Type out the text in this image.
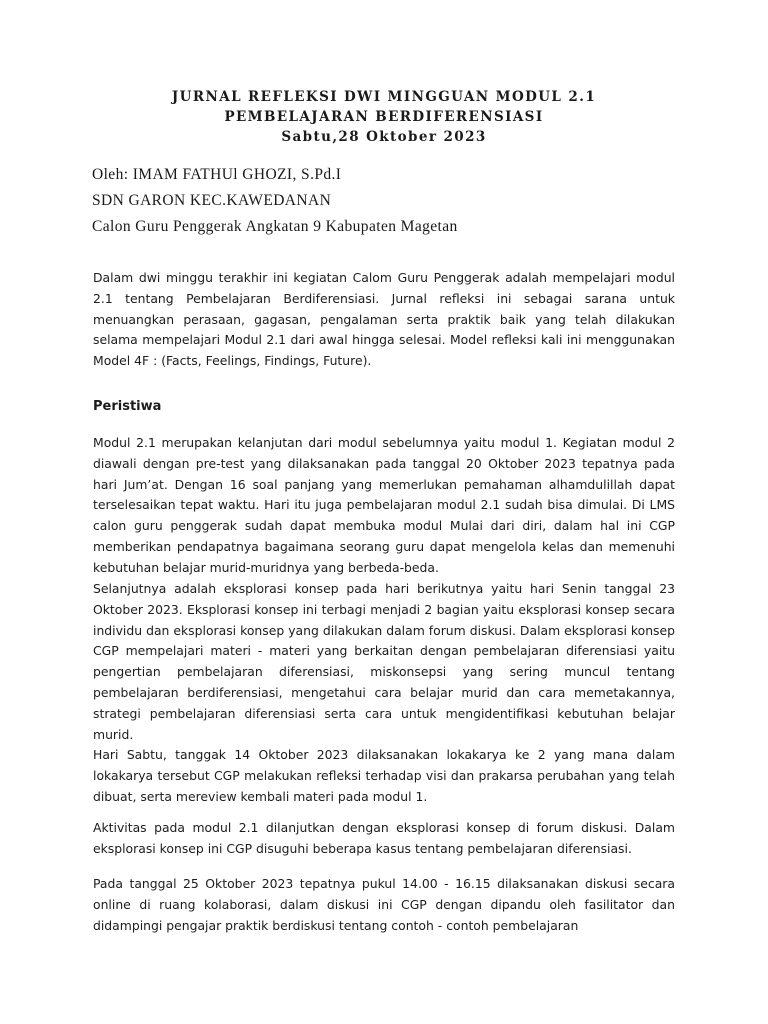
JURNAL REFLEKSI DWI MINGGUAN MODUL 2.1
PEMBELAJARAN BERDIFERENSIASI
Sabtu,28 Oktober 2023
Oleh: IMAM FATHUl GHOZI, S.Pd.I
SDN GARON KEC.KAWEDANAN
Calon Guru Penggerak Angkatan 9 Kabupaten Magetan
Dalam dwi minggu terakhir ini kegiatan Calom Guru Penggerak adalah mempelajari modul 2.1 tentang Pembelajaran Berdiferensiasi. Jurnal refleksi ini sebagai sarana untuk menuangkan perasaan, gagasan, pengalaman serta praktik baik yang telah dilakukan selama mempelajari Modul 2.1 dari awal hingga selesai. Model refleksi kali ini menggunakan Model 4F : (Facts, Feelings, Findings, Future).
Peristiwa
Modul 2.1 merupakan kelanjutan dari modul sebelumnya yaitu modul 1. Kegiatan modul 2 diawali dengan pre-test yang dilaksanakan pada tanggal 20 Oktober 2023 tepatnya pada hari Jum’at. Dengan 16 soal panjang yang memerlukan pemahaman alhamdulillah dapat terselesaikan tepat waktu. Hari itu juga pembelajaran modul 2.1 sudah bisa dimulai. Di LMS calon guru penggerak sudah dapat membuka modul Mulai dari diri, dalam hal ini CGP memberikan pendapatnya bagaimana seorang guru dapat mengelola kelas dan memenuhi kebutuhan belajar murid-muridnya yang berbeda-beda.
Selanjutnya adalah eksplorasi konsep pada hari berikutnya yaitu hari Senin tanggal 23 Oktober 2023. Eksplorasi konsep ini terbagi menjadi 2 bagian yaitu eksplorasi konsep secara individu dan eksplorasi konsep yang dilakukan dalam forum diskusi. Dalam eksplorasi konsep CGP mempelajari materi - materi yang berkaitan dengan pembelajaran diferensiasi yaitu pengertian pembelajaran diferensiasi, miskonsepsi yang sering muncul tentang pembelajaran berdiferensiasi, mengetahui cara belajar murid dan cara memetakannya, strategi pembelajaran diferensiasi serta cara untuk mengidentifikasi kebutuhan belajar murid.
Hari Sabtu, tanggak 14 Oktober 2023 dilaksanakan lokakarya ke 2 yang mana dalam lokakarya tersebut CGP melakukan refleksi terhadap visi dan prakarsa perubahan yang telah dibuat, serta mereview kembali materi pada modul 1.
Aktivitas pada modul 2.1 dilanjutkan dengan eksplorasi konsep di forum diskusi. Dalam eksplorasi konsep ini CGP disuguhi beberapa kasus tentang pembelajaran diferensiasi.
Pada tanggal 25 Oktober 2023 tepatnya pukul 14.00 - 16.15 dilaksanakan diskusi secara online di ruang kolaborasi, dalam diskusi ini CGP dengan dipandu oleh fasilitator dan didampingi pengajar praktik berdiskusi tentang contoh - contoh pembelajaran
